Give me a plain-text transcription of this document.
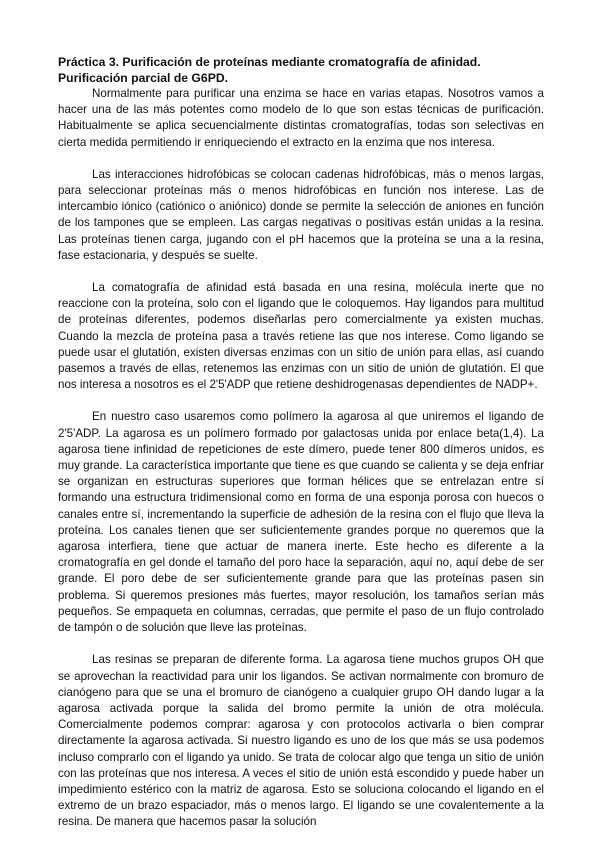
Práctica 3. Purificación de proteínas mediante cromatografía de afinidad.
Purificación parcial de G6PD.

Normalmente para purificar una enzima se hace en varias etapas. Nosotros vamos a hacer una de las más potentes como modelo de lo que son estas técnicas de purificación. Habitualmente se aplica secuencialmente distintas cromatografías, todas son selectivas en cierta medida permitiendo ir enriqueciendo el extracto en la enzima que nos interesa.

Las interacciones hidrofóbicas se colocan cadenas hidrofóbicas, más o menos largas, para seleccionar proteínas más o menos hidrofóbicas en función nos interese. Las de intercambio iónico (catiónico o aniónico) donde se permite la selección de aniones en función de los tampones que se empleen. Las cargas negativas o positivas están unidas a la resina. Las proteínas tienen carga, jugando con el pH hacemos que la proteína se una a la resina, fase estacionaria, y después se suelte.

La comatografía de afinidad está basada en una resina, molécula inerte que no reaccione con la proteína, solo con el ligando que le coloquemos. Hay ligandos para multitud de proteínas diferentes, podemos diseñarlas pero comercialmente ya existen muchas. Cuando la mezcla de proteína pasa a través retiene las que nos interese. Como ligando se puede usar el glutatión, existen diversas enzimas con un sitio de unión para ellas, así cuando pasemos a través de ellas, retenemos las enzimas con un sitio de unión de glutatión. El que nos interesa a nosotros es el 2'5'ADP que retiene deshidrogenasas dependientes de NADP+.

En nuestro caso usaremos como polímero la agarosa al que uniremos el ligando de 2'5'ADP. La agarosa es un polímero formado por galactosas unida por enlace beta(1,4). La agarosa tiene infinidad de repeticiones de este dímero, puede tener 800 dímeros unidos, es muy grande. La característica importante que tiene es que cuando se calienta y se deja enfriar se organizan en estructuras superiores que forman hélices que se entrelazan entre sí formando una estructura tridimensional como en forma de una esponja porosa con huecos o canales entre sí, incrementando la superficie de adhesión de la resina con el flujo que lleva la proteína. Los canales tienen que ser suficientemente grandes porque no queremos que la agarosa interfiera, tiene que actuar de manera inerte. Este hecho es diferente a la cromatografía en gel donde el tamaño del poro hace la separación, aquí no, aquí debe de ser grande. El poro debe de ser suficientemente grande para que las proteínas pasen sin problema. Si queremos presiones más fuertes, mayor resolución, los tamaños serían más pequeños. Se empaqueta en columnas, cerradas, que permite el paso de un flujo controlado de tampón o de solución que lleve las proteínas.

Las resinas se preparan de diferente forma. La agarosa tiene muchos grupos OH que se aprovechan la reactividad para unir los ligandos. Se activan normalmente con bromuro de cianógeno para que se una el bromuro de cianógeno a cualquier grupo OH dando lugar a la agarosa activada porque la salida del bromo permite la unión de otra molécula. Comercialmente podemos comprar: agarosa y con protocolos activarla o bien comprar directamente la agarosa activada. Si nuestro ligando es uno de los que más se usa podemos incluso comprarlo con el ligando ya unido. Se trata de colocar algo que tenga un sitio de unión con las proteínas que nos interesa. A veces el sitio de unión está escondido y puede haber un impedimiento estérico con la matriz de agarosa. Esto se soluciona colocando el ligando en el extremo de un brazo espaciador, más o menos largo. El ligando se une covalentemente a la resina. De manera que hacemos pasar la solución
